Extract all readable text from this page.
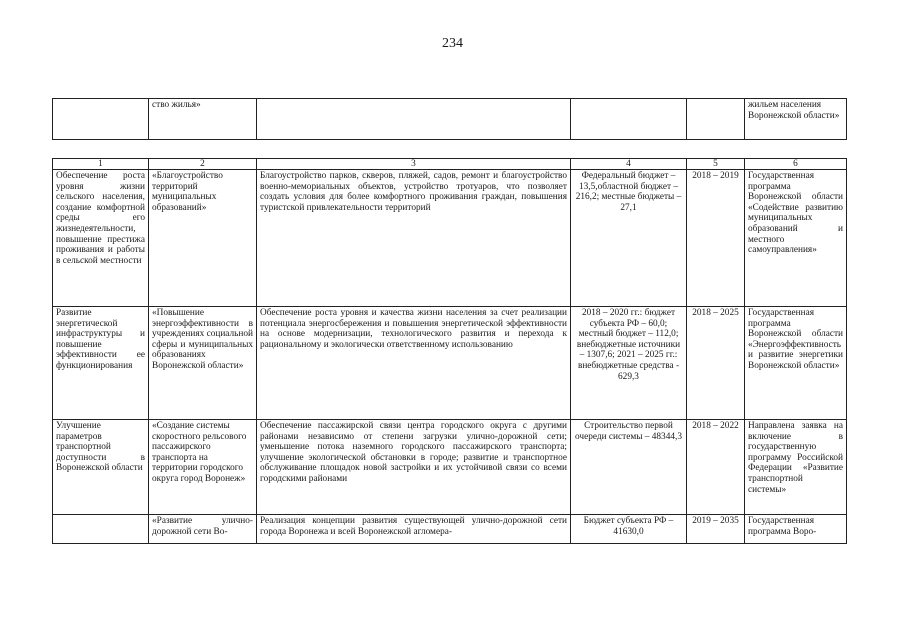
234
	ство жилья»				жильем населения Воронежской области»
1	2	3	4	5	6
Обеспечение роста уровня жизни сельского населения, создание комфортной среды его жизнедеятельности, повышение престижа проживания и работы в сельской местности	«Благоустройство территорий муниципальных образований»	Благоустройство парков, скверов, пляжей, садов, ремонт и благоустройство военно-мемориальных объектов, устройство тротуаров, что позволяет создать условия для более комфортного проживания граждан, повышения туристской привлекательности территорий	Федеральный бюджет – 13,5,областной бюджет – 216,2; местные бюджеты – 27,1	2018 – 2019	Государственная программа Воронежской области «Содействие развитию муниципальных образований и местного самоуправления»
Развитие энергетической инфраструктуры и повышение эффективности ее функционирования	«Повышение энергоэффективности в учреждениях социальной сферы и муниципальных образованиях Воронежской области»	Обеспечение роста уровня и качества жизни населения за счет реализации потенциала энергосбережения и повышения энергетической эффективности на основе модернизации, технологического развития и перехода к рациональному и экологически ответственному использованию	2018 – 2020 гг.: бюджет субъекта РФ – 60,0; местный бюджет – 112,0; внебюджетные источники – 1307,6; 2021 – 2025 гг.: внебюджетные средства - 629,3	2018 – 2025	Государственная программа Воронежской области «Энергоэффективность и развитие энергетики Воронежской области»
Улучшение параметров транспортной доступности в Воронежской области	«Создание системы скоростного рельсового пассажирского транспорта на территории городского округа город Воронеж»	Обеспечение пассажирской связи центра городского округа с другими районами независимо от степени загрузки улично-дорожной сети; уменьшение потока наземного городского пассажирского транспорта; улучшение экологической обстановки в городе; развитие и транспортное обслуживание площадок новой застройки и их устойчивой связи со всеми городскими районами	Строительство первой очереди системы – 48344,3	2018 – 2022	Направлена заявка на включение в государственную программу Российской Федерации «Развитие транспортной системы»
	«Развитие улично-дорожной сети Во-	Реализация концепции развития существующей улично-дорожной сети города Воронежа и всей Воронежской агломера-	Бюджет субъекта РФ – 41630,0	2019 – 2035	Государственная программа Воро-
